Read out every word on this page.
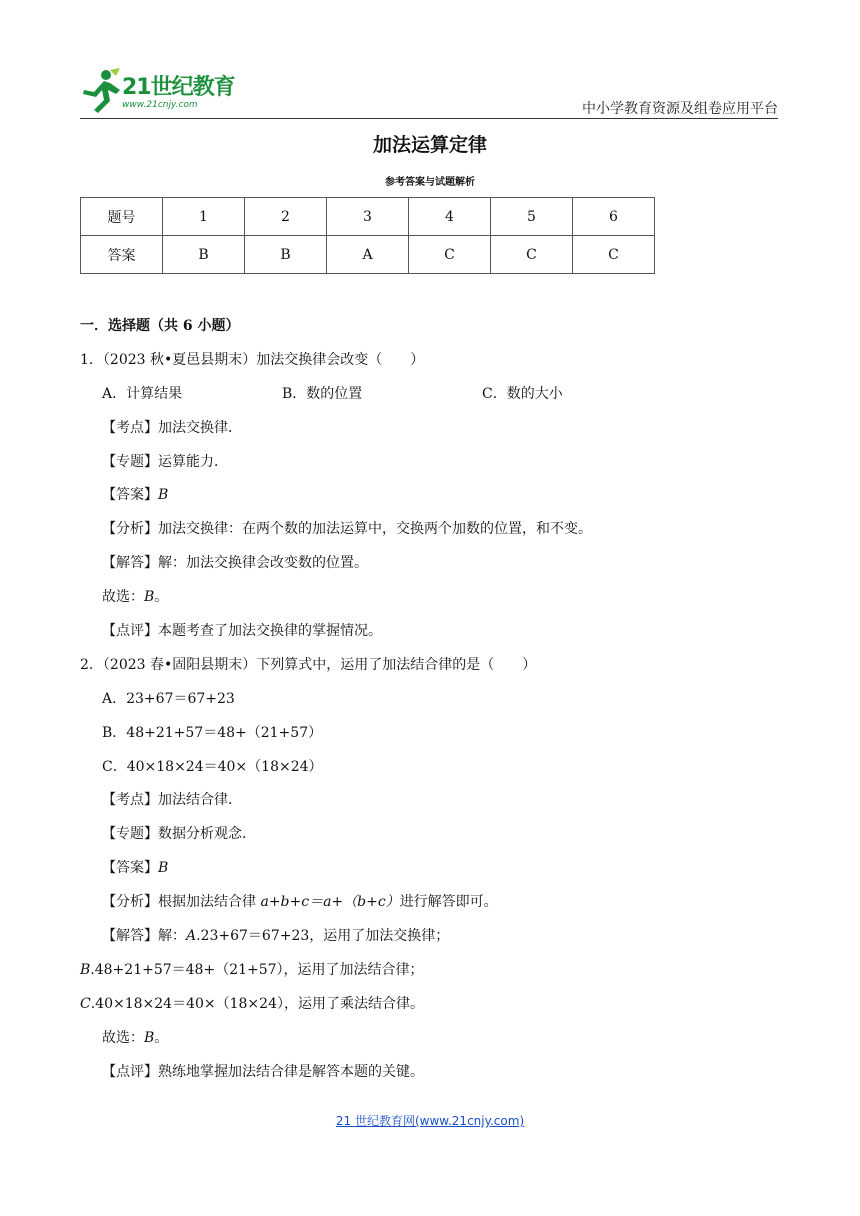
21世纪教育
www.21cnjy.com	中小学教育资源及组卷应用平台
加法运算定律
参考答案与试题解析
题号	1	2	3	4	5	6
答案	B	B	A	C	C	C
一．选择题（共 6 小题）
1．（2023 秋•夏邑县期末）加法交换律会改变（　　）
A．计算结果	B．数的位置	C．数的大小
【考点】加法交换律．
【专题】运算能力．
【答案】B
【分析】加法交换律：在两个数的加法运算中，交换两个加数的位置，和不变。
【解答】解：加法交换律会改变数的位置。
故选：B。
【点评】本题考查了加法交换律的掌握情况。
2．（2023 春•固阳县期末）下列算式中，运用了加法结合律的是（　　）
A．23+67＝67+23
B．48+21+57＝48+（21+57）
C．40×18×24＝40×（18×24）
【考点】加法结合律．
【专题】数据分析观念．
【答案】B
【分析】根据加法结合律 a+b+c＝a+（b+c）进行解答即可。
【解答】解：A.23+67＝67+23，运用了加法交换律；
B.48+21+57＝48+（21+57），运用了加法结合律；
C.40×18×24＝40×（18×24），运用了乘法结合律。
故选：B。
【点评】熟练地掌握加法结合律是解答本题的关键。
21 世纪教育网(www.21cnjy.com)
